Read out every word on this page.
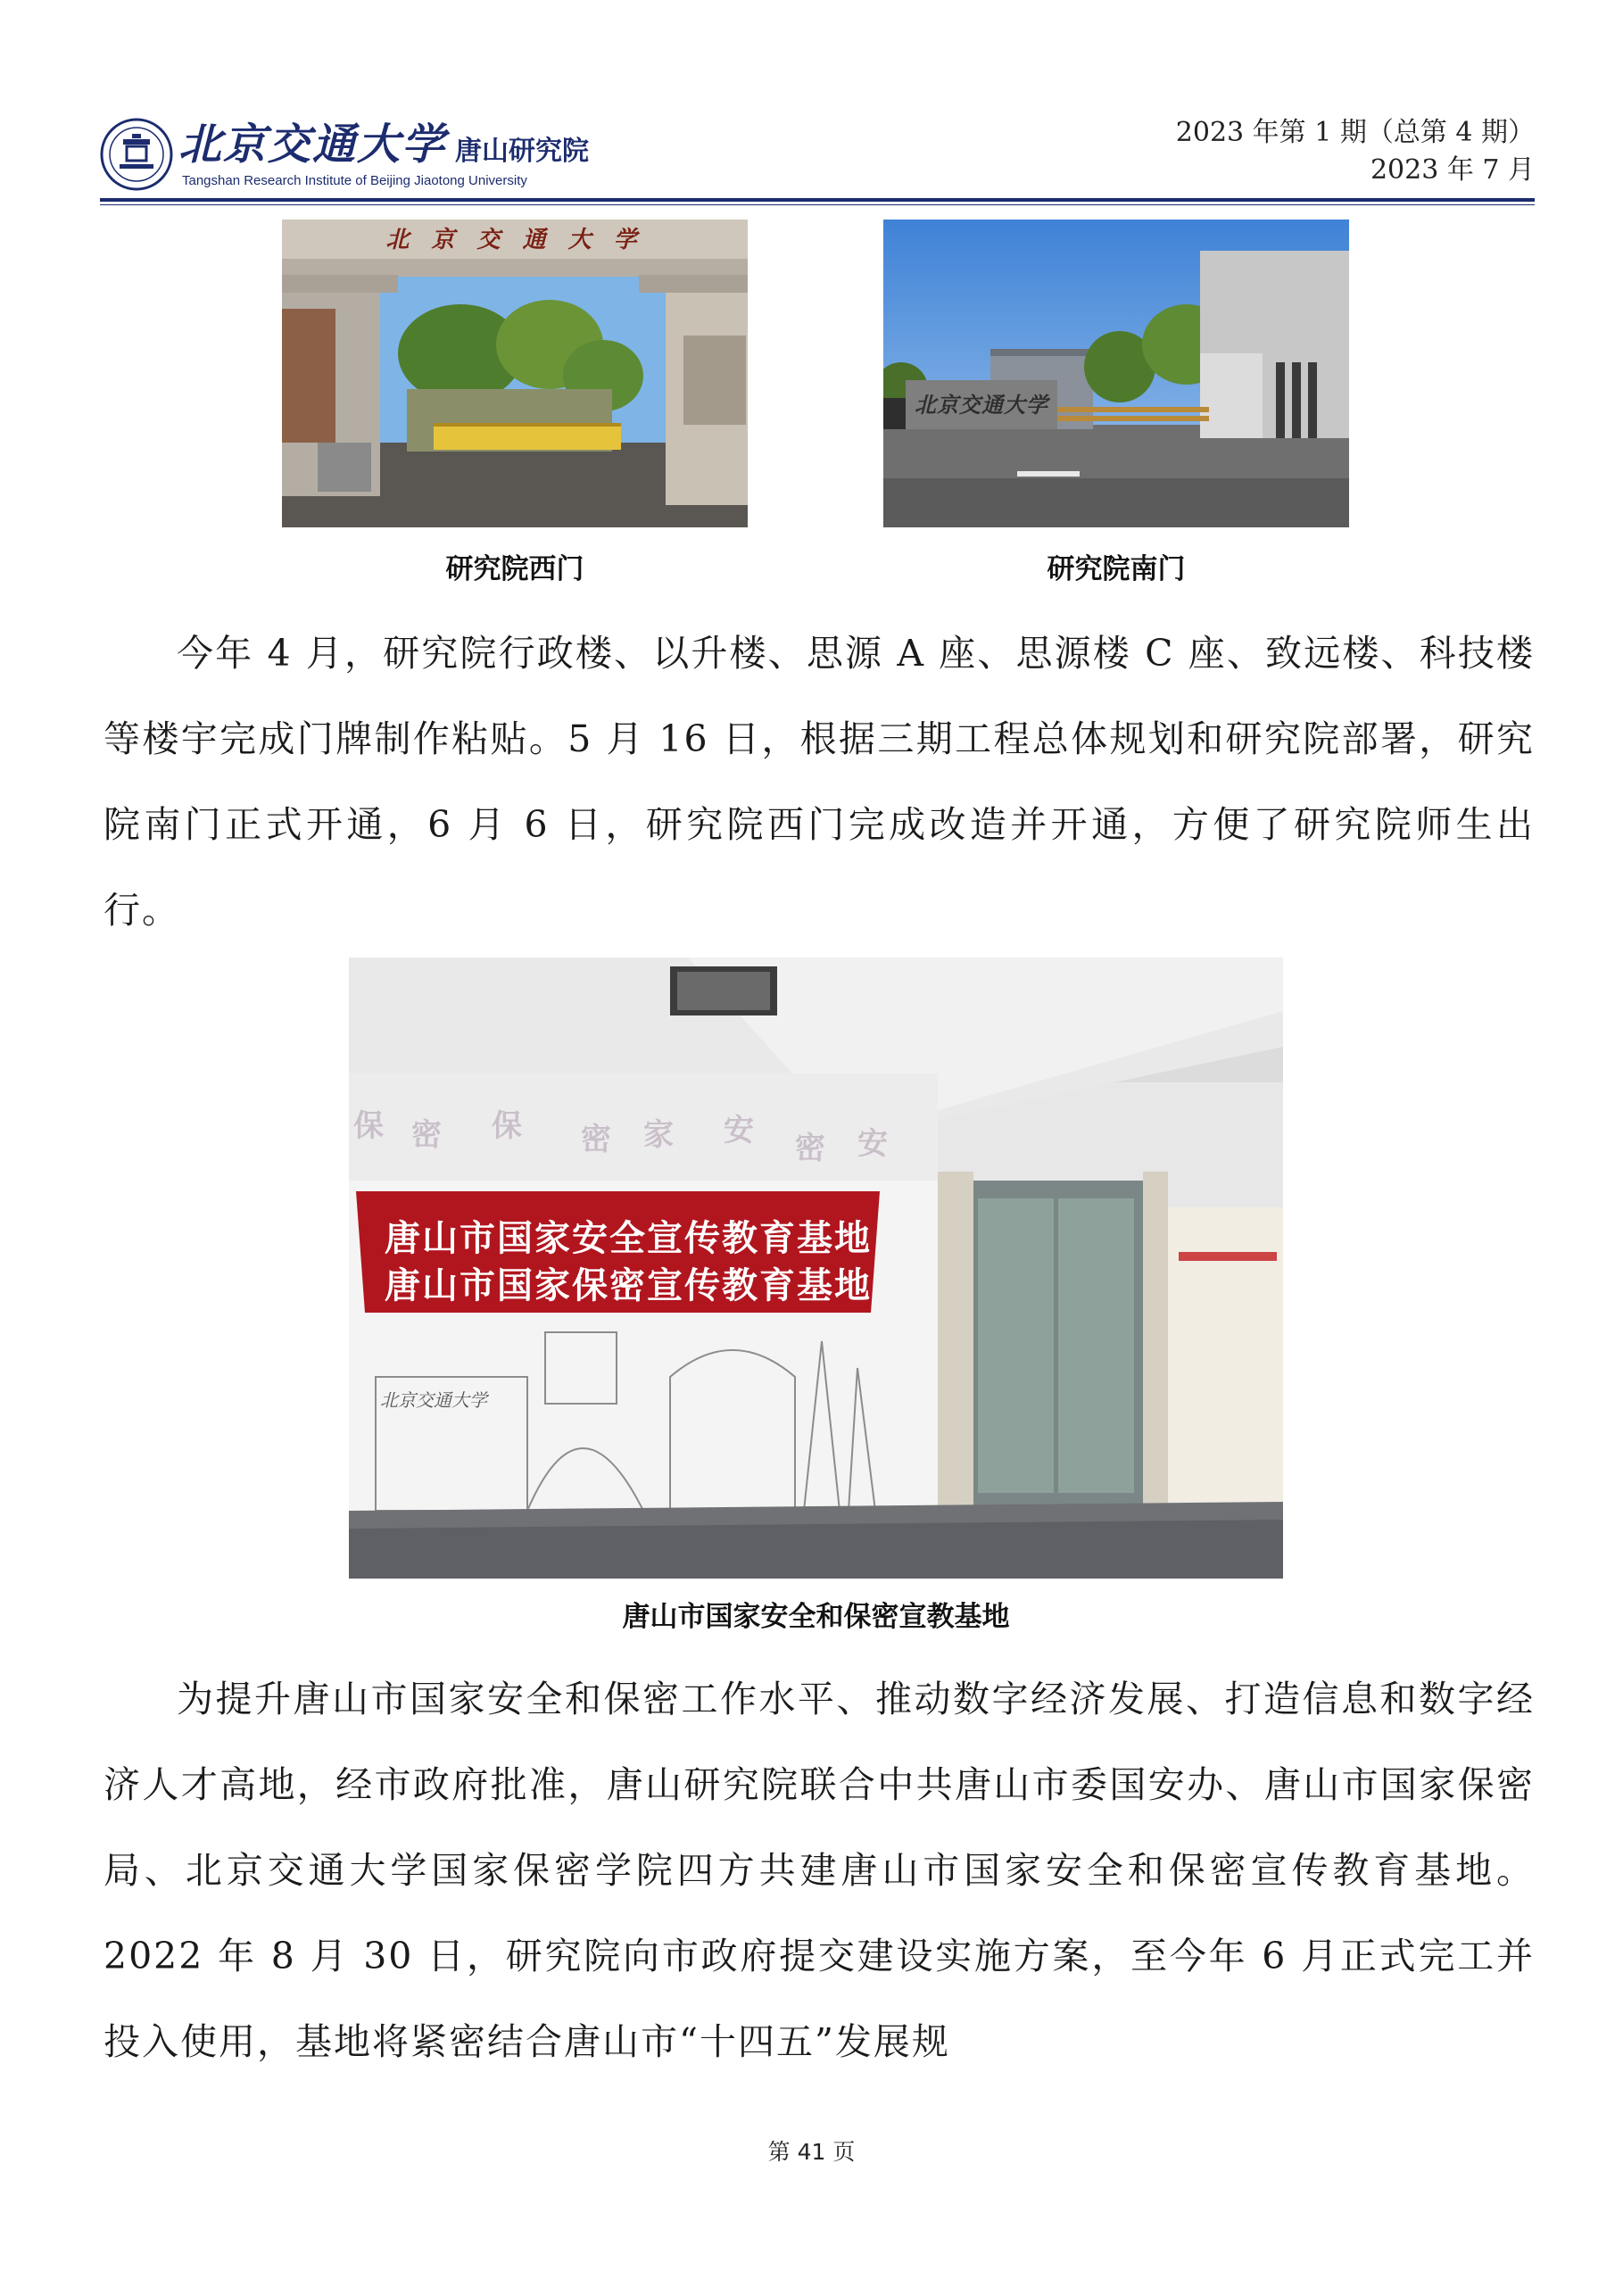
北京交通大学 唐山研究院
Tangshan Research Institute of Beijing Jiaotong University
2023 年第 1 期（总第 4 期）
2023 年 7 月
北 京 交 通 大 学
研究院西门
北京交通大学
研究院南门

今年 4 月，研究院行政楼、以升楼、思源 A 座、思源楼 C 座、致远楼、科技楼等楼宇完成门牌制作粘贴。5 月 16 日，根据三期工程总体规划和研究院部署，研究院南门正式开通，6 月 6 日，研究院西门完成改造并开通，方便了研究院师生出行。

保 密 保 密 家 安 密 安
唐山市国家安全宣传教育基地
唐山市国家保密宣传教育基地
北京交通大学
唐山市国家安全和保密宣教基地

为提升唐山市国家安全和保密工作水平、推动数字经济发展、打造信息和数字经济人才高地，经市政府批准，唐山研究院联合中共唐山市委国安办、唐山市国家保密局、北京交通大学国家保密学院四方共建唐山市国家安全和保密宣传教育基地。2022 年 8 月 30 日，研究院向市政府提交建设实施方案，至今年 6 月正式完工并投入使用，基地将紧密结合唐山市“十四五”发展规

第 41 页
